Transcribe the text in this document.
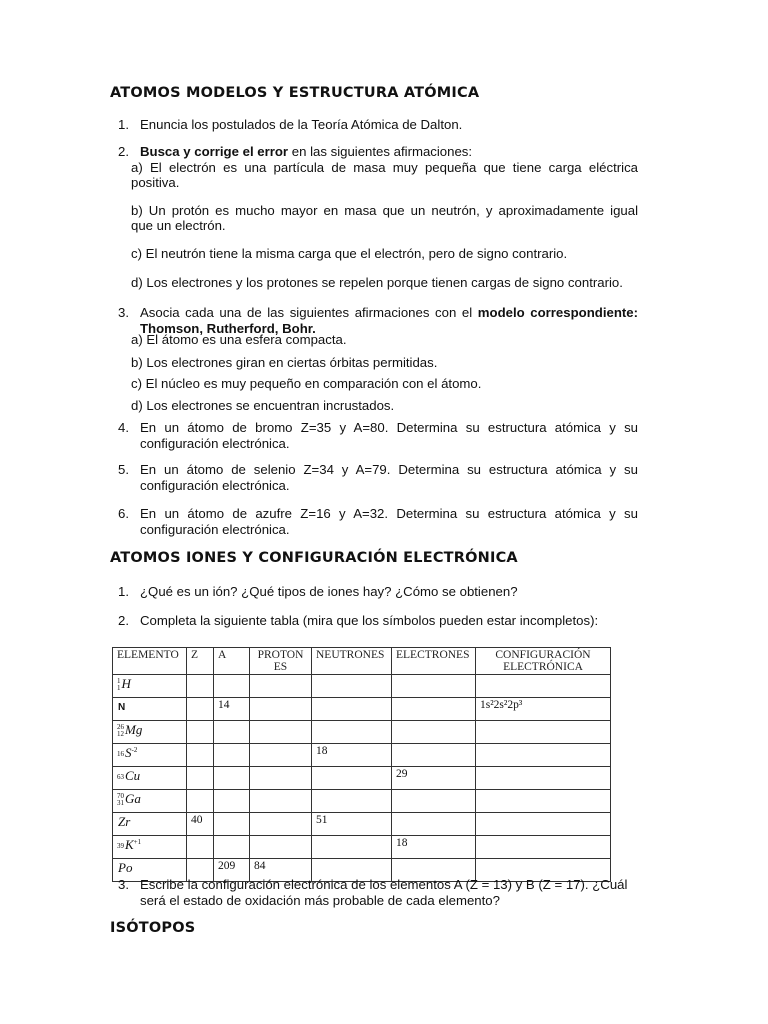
ATOMOS MODELOS Y ESTRUCTURA ATÓMICA
1. Enuncia los postulados de la Teoría Atómica de Dalton.
2. Busca y corrige el error en las siguientes afirmaciones:
a) El electrón es una partícula de masa muy pequeña que tiene carga eléctrica
positiva.
b) Un protón es mucho mayor en masa que un neutrón, y aproximadamente igual
que un electrón.
c) El neutrón tiene la misma carga que el electrón, pero de signo contrario.
d) Los electrones y los protones se repelen porque tienen cargas de signo contrario.
3. Asocia cada una de las siguientes afirmaciones con el modelo correspondiente:
Thomson, Rutherford, Bohr.
a) El átomo es una esfera compacta.
b) Los electrones giran en ciertas órbitas permitidas.
c) El núcleo es muy pequeño en comparación con el átomo.
d) Los electrones se encuentran incrustados.
4. En un átomo de bromo Z=35 y A=80. Determina su estructura atómica y su
configuración electrónica.
5. En un átomo de selenio Z=34 y A=79. Determina su estructura atómica y su
configuración electrónica.
6. En un átomo de azufre Z=16 y A=32. Determina su estructura atómica y su
configuración electrónica.
ATOMOS IONES Y CONFIGURACIÓN ELECTRÓNICA
1. ¿Qué es un ión? ¿Qué tipos de iones hay? ¿Cómo se obtienen?
2. Completa la siguiente tabla (mira que los símbolos pueden estar incompletos):
ELEMENTO	Z	A	PROTON ES	NEUTRONES	ELECTRONES	CONFIGURACIÓN ELECTRÓNICA

1
1 H						

N		14				1s²2s²2p³

26
12 Mg						

16 $S^{-2}$				18		

63 Cu					29	

70
31 Ga						

Zr	40			51		

39 $K^{+1}$					18	

Po		209	84			
3. Escribe la configuración electrónica de los elementos A (Z = 13) y B (Z = 17). ¿Cuál
será el estado de oxidación más probable de cada elemento?
ISÓTOPOS
